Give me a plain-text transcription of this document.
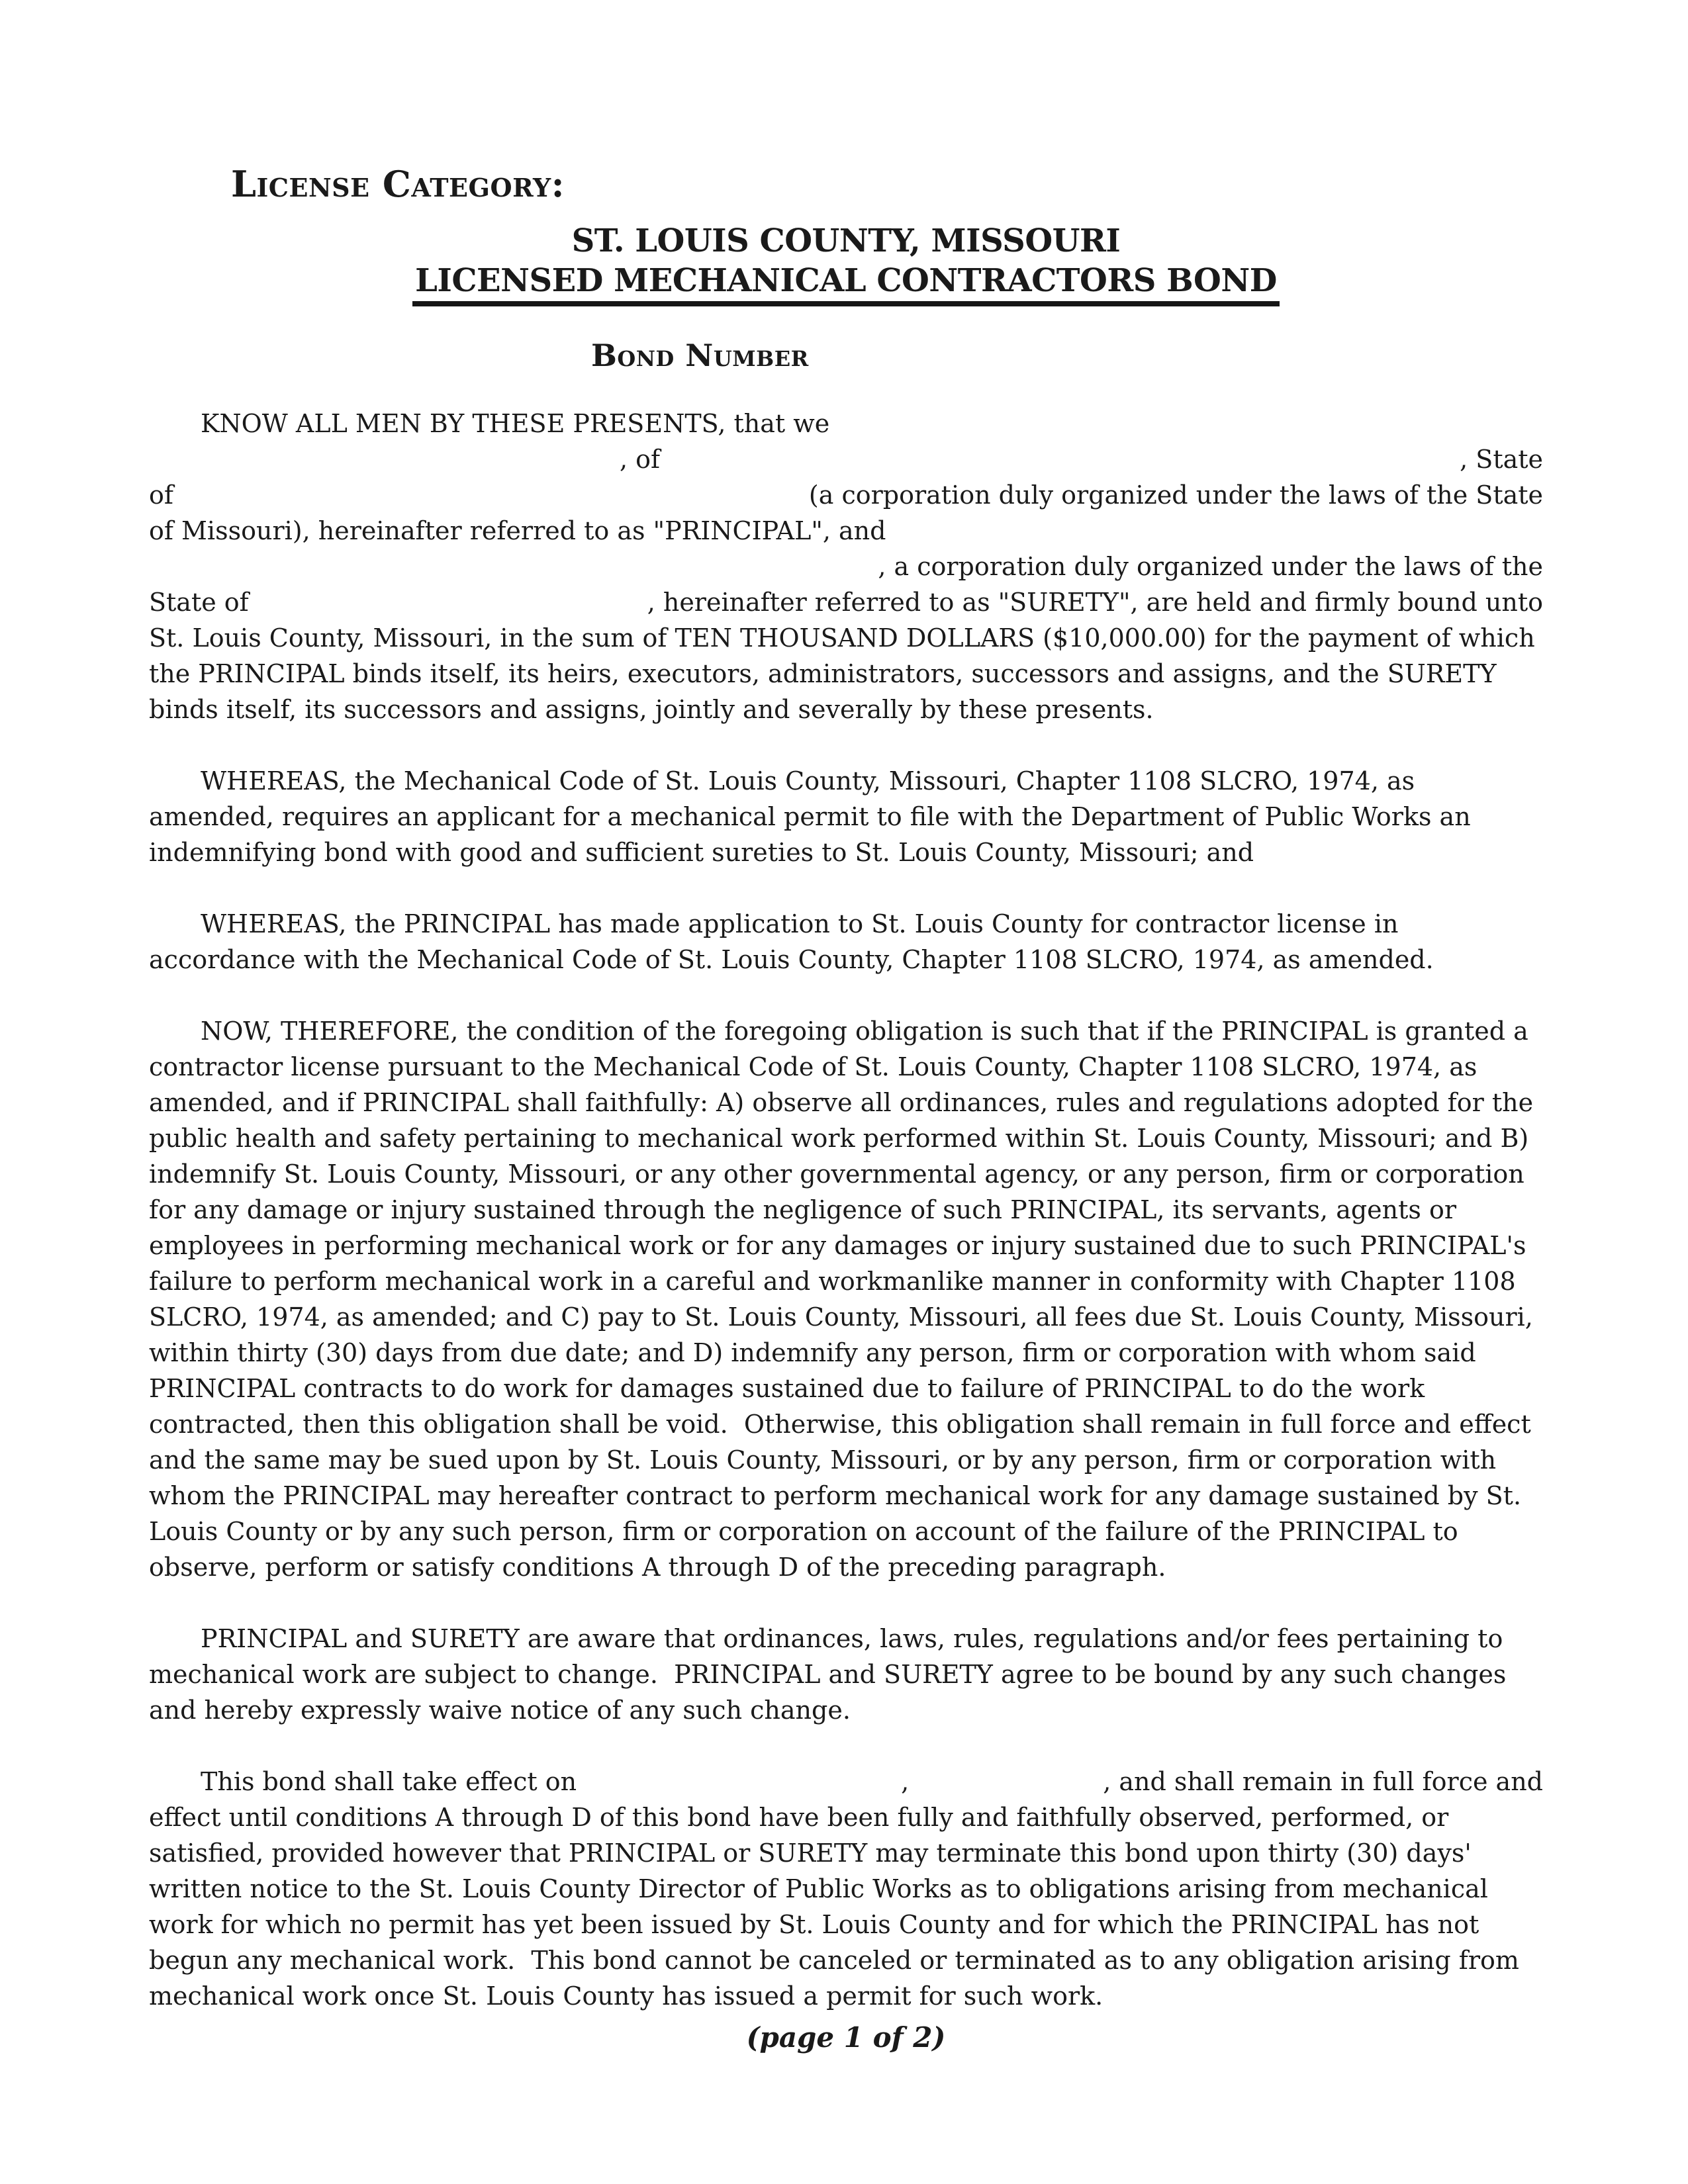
License Category:
ST. LOUIS COUNTY, MISSOURI
LICENSED MECHANICAL CONTRACTORS BOND
Bond Number
KNOW ALL MEN BY THESE PRESENTS, that we
, of	, State
of	(a corporation duly organized under the laws of the State
of Missouri), hereinafter referred to as "PRINCIPAL", and
, a corporation duly organized under the laws of the
State of	, hereinafter referred to as "SURETY", are held and firmly bound unto
St. Louis County, Missouri, in the sum of TEN THOUSAND DOLLARS ($10,000.00) for the payment of which the PRINCIPAL binds itself, its heirs, executors, administrators, successors and assigns, and the SURETY binds itself, its successors and assigns, jointly and severally by these presents.
WHEREAS, the Mechanical Code of St. Louis County, Missouri, Chapter 1108 SLCRO, 1974, as amended, requires an applicant for a mechanical permit to file with the Department of Public Works an indemnifying bond with good and sufficient sureties to St. Louis County, Missouri; and
WHEREAS, the PRINCIPAL has made application to St. Louis County for contractor license in accordance with the Mechanical Code of St. Louis County, Chapter 1108 SLCRO, 1974, as amended.
NOW, THEREFORE, the condition of the foregoing obligation is such that if the PRINCIPAL is granted a contractor license pursuant to the Mechanical Code of St. Louis County, Chapter 1108 SLCRO, 1974, as amended, and if PRINCIPAL shall faithfully: A) observe all ordinances, rules and regulations adopted for the public health and safety pertaining to mechanical work performed within St. Louis County, Missouri; and B) indemnify St. Louis County, Missouri, or any other governmental agency, or any person, firm or corporation for any damage or injury sustained through the negligence of such PRINCIPAL, its servants, agents or employees in performing mechanical work or for any damages or injury sustained due to such PRINCIPAL's failure to perform mechanical work in a careful and workmanlike manner in conformity with Chapter 1108 SLCRO, 1974, as amended; and C) pay to St. Louis County, Missouri, all fees due St. Louis County, Missouri, within thirty (30) days from due date; and D) indemnify any person, firm or corporation with whom said PRINCIPAL contracts to do work for damages sustained due to failure of PRINCIPAL to do the work contracted, then this obligation shall be void.  Otherwise, this obligation shall remain in full force and effect and the same may be sued upon by St. Louis County, Missouri, or by any person, firm or corporation with whom the PRINCIPAL may hereafter contract to perform mechanical work for any damage sustained by St. Louis County or by any such person, firm or corporation on account of the failure of the PRINCIPAL to observe, perform or satisfy conditions A through D of the preceding paragraph.
PRINCIPAL and SURETY are aware that ordinances, laws, rules, regulations and/or fees pertaining to mechanical work are subject to change.  PRINCIPAL and SURETY agree to be bound by any such changes and hereby expressly waive notice of any such change.
This bond shall take effect on	,	, and shall remain in full force and
effect until conditions A through D of this bond have been fully and faithfully observed, performed, or satisfied, provided however that PRINCIPAL or SURETY may terminate this bond upon thirty (30) days' written notice to the St. Louis County Director of Public Works as to obligations arising from mechanical work for which no permit has yet been issued by St. Louis County and for which the PRINCIPAL has not begun any mechanical work.  This bond cannot be canceled or terminated as to any obligation arising from mechanical work once St. Louis County has issued a permit for such work.
(page 1 of 2)
